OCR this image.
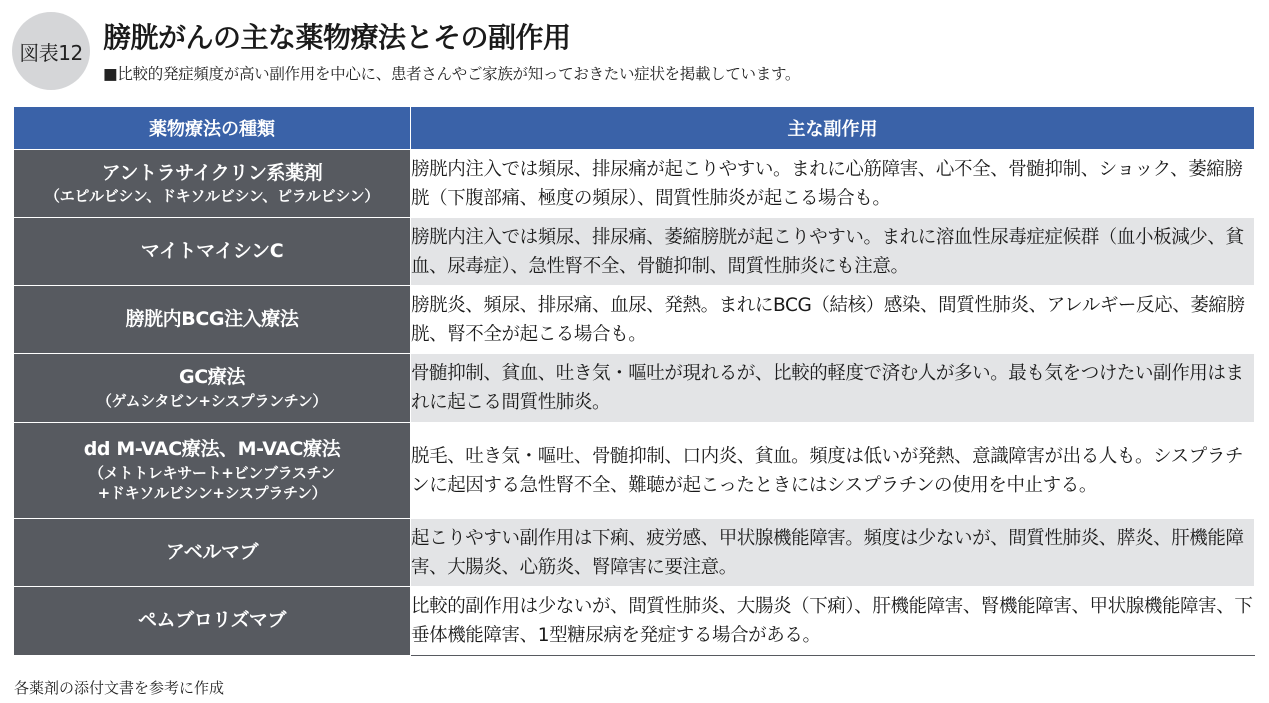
図表12 膀胱がんの主な薬物療法とその副作用
■比較的発症頻度が高い副作用を中心に、患者さんやご家族が知っておきたい症状を掲載しています。
薬物療法の種類	主な副作用

アントラサイクリン系薬剤
（エピルビシン、ドキソルビシン、ピラルビシン）	膀胱内注入では頻尿、排尿痛が起こりやすい。まれに心筋障害、心不全、骨髄抑制、ショック、萎縮膀胱（下腹部痛、極度の頻尿）、間質性肺炎が起こる場合も。

マイトマイシンC	膀胱内注入では頻尿、排尿痛、萎縮膀胱が起こりやすい。まれに溶血性尿毒症症候群（血小板減少、貧血、尿毒症）、急性腎不全、骨髄抑制、間質性肺炎にも注意。

膀胱内BCG注入療法	膀胱炎、頻尿、排尿痛、血尿、発熱。まれにBCG（結核）感染、間質性肺炎、アレルギー反応、萎縮膀胱、腎不全が起こる場合も。

GC療法
（ゲムシタビン+シスプランチン）	骨髄抑制、貧血、吐き気・嘔吐が現れるが、比較的軽度で済む人が多い。最も気をつけたい副作用はまれに起こる間質性肺炎。

dd M-VAC療法、M-VAC療法
（メトトレキサート+ビンブラスチン
+ドキソルビシン+シスプラチン）	脱毛、吐き気・嘔吐、骨髄抑制、口内炎、貧血。頻度は低いが発熱、意識障害が出る人も。シスプラチンに起因する急性腎不全、難聴が起こったときにはシスプラチンの使用を中止する。

アベルマブ	起こりやすい副作用は下痢、疲労感、甲状腺機能障害。頻度は少ないが、間質性肺炎、膵炎、肝機能障害、大腸炎、心筋炎、腎障害に要注意。

ペムブロリズマブ	比較的副作用は少ないが、間質性肺炎、大腸炎（下痢）、肝機能障害、腎機能障害、甲状腺機能障害、下垂体機能障害、1型糖尿病を発症する場合がある。
各薬剤の添付文書を参考に作成
